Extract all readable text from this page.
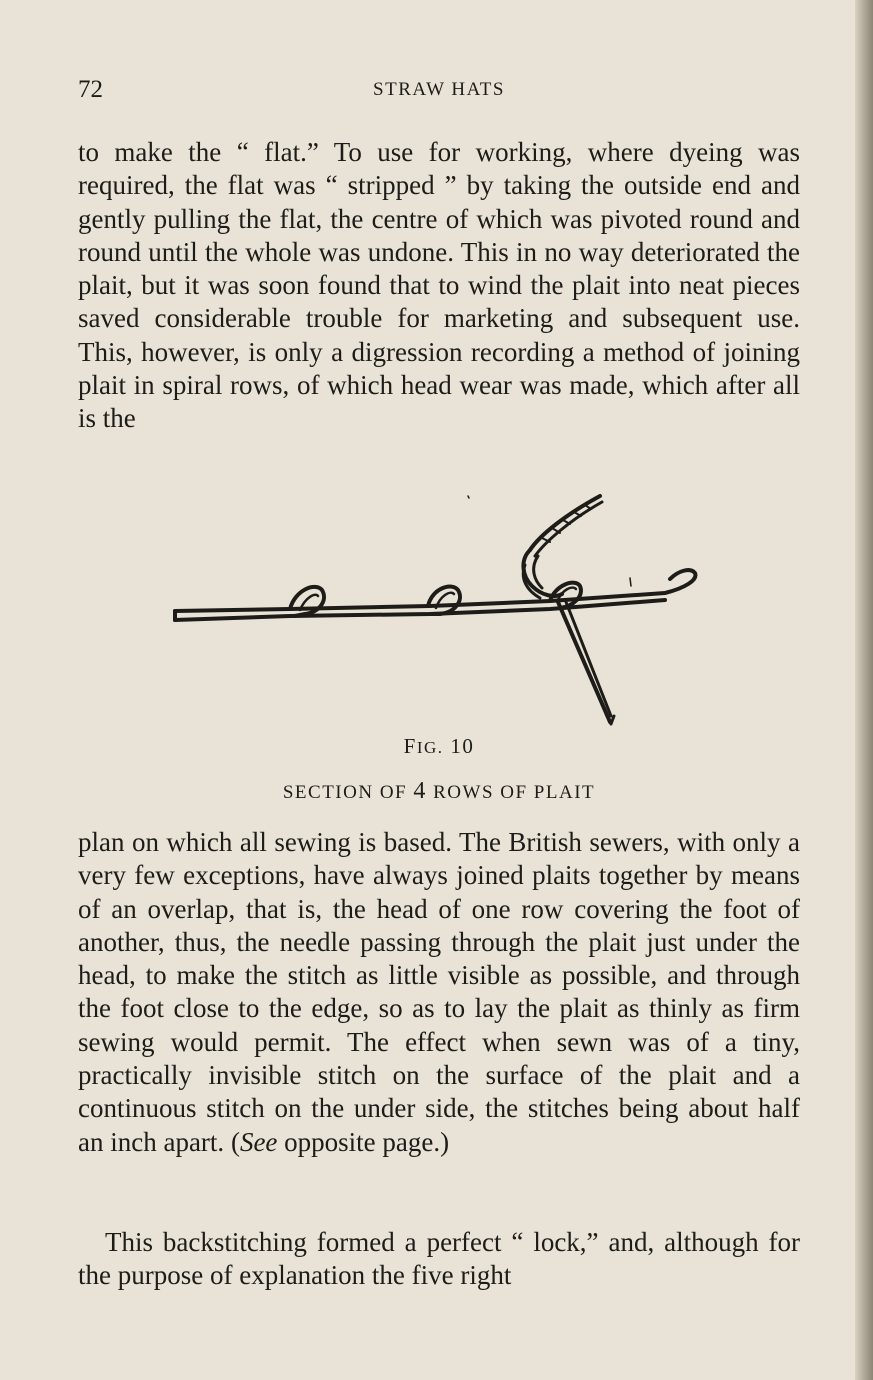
72	STRAW HATS

to make the “ flat.” To use for working, where dyeing was required, the flat was “ stripped ” by taking the outside end and gently pulling the flat, the centre of which was pivoted round and round until the whole was undone. This in no way deteriorated the plait, but it was soon found that to wind the plait into neat pieces saved considerable trouble for marketing and subsequent use. This, however, is only a digression recording a method of joining plait in spiral rows, of which head wear was made, which after all is the

FIG. 10
SECTION OF 4 ROWS OF PLAIT

plan on which all sewing is based. The British sewers, with only a very few exceptions, have always joined plaits together by means of an overlap, that is, the head of one row covering the foot of another, thus, the needle passing through the plait just under the head, to make the stitch as little visible as possible, and through the foot close to the edge, so as to lay the plait as thinly as firm sewing would permit. The effect when sewn was of a tiny, practically invisible stitch on the surface of the plait and a continuous stitch on the under side, the stitches being about half an inch apart. (See opposite page.)

This backstitching formed a perfect “ lock,” and, although for the purpose of explanation the five right
